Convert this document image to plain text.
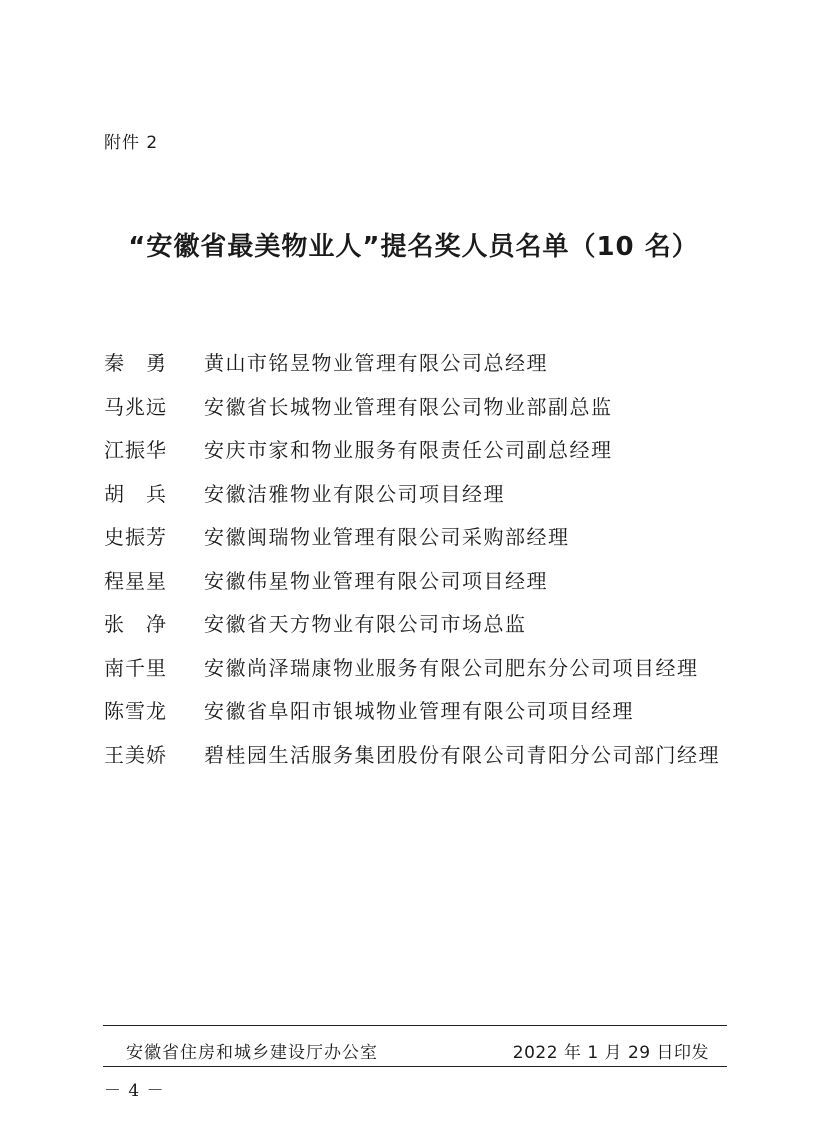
附件 2
“安徽省最美物业人”提名奖人员名单（10 名）
秦勇 黄山市铭昱物业管理有限公司总经理
马兆远	安徽省长城物业管理有限公司物业部副总监
江振华	安庆市家和物业服务有限责任公司副总经理
胡兵 安徽洁雅物业有限公司项目经理
史振芳	安徽闽瑞物业管理有限公司采购部经理
程星星	安徽伟星物业管理有限公司项目经理
张净 安徽省天方物业有限公司市场总监
南千里	安徽尚泽瑞康物业服务有限公司肥东分公司项目经理
陈雪龙	安徽省阜阳市银城物业管理有限公司项目经理
王美娇	碧桂园生活服务集团股份有限公司青阳分公司部门经理
安徽省住房和城乡建设厅办公室	2022 年 1 月 29 日印发
－ 4 －
